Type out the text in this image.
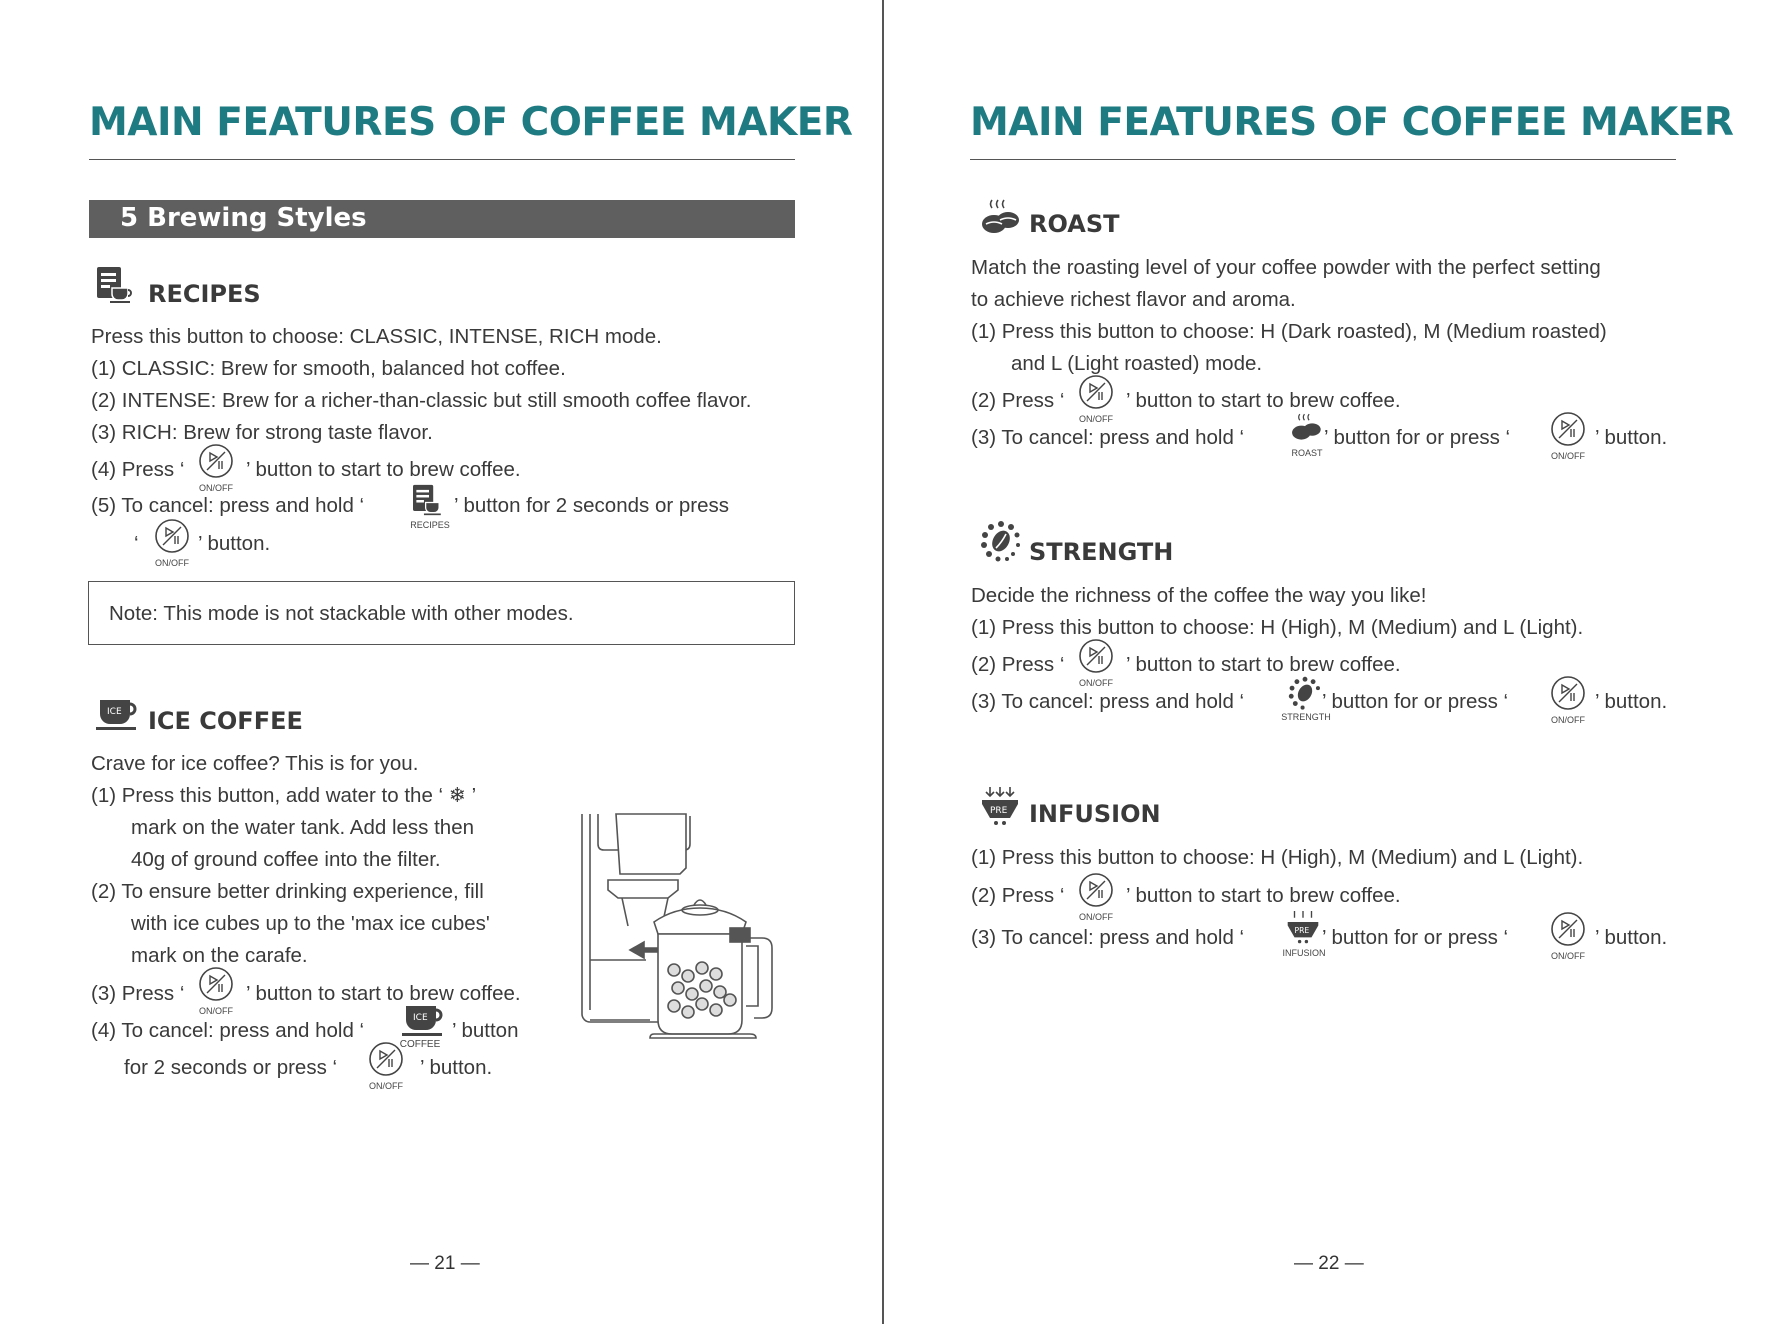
MAIN FEATURES OF COFFEE MAKER
5 Brewing Styles
RECIPES
Press this button to choose: CLASSIC, INTENSE, RICH mode.
(1) CLASSIC: Brew for smooth, balanced hot coffee.
(2) INTENSE: Brew for a richer-than-classic but still smooth coffee flavor.
(3) RICH: Brew for strong taste flavor.
(4) Press ‘
ON/OFF
’ button to start to brew coffee.
(5) To cancel: press and hold ‘
RECIPES
’ button for 2 seconds or press
‘
ON/OFF
’ button.
Note: This mode is not stackable with other modes.
ICE ICE COFFEE
Crave for ice coffee? This is for you.
(1) Press this button, add water to the ‘ ❄ ’
mark on the water tank. Add less then
40g of ground coffee into the filter.
(2) To ensure better drinking experience, fill
with ice cubes up to the 'max ice cubes'
mark on the carafe.
(3) Press ‘
ON/OFF
’ button to start to brew coffee.
(4) To cancel: press and hold ‘
ICE
COFFEE
’ button
for 2 seconds or press ‘
ON/OFF
’ button.
— 21 —
MAIN FEATURES OF COFFEE MAKER
ROAST
Match the roasting level of your coffee powder with the perfect setting
to achieve richest flavor and aroma.
(1) Press this button to choose: H (Dark roasted), M (Medium roasted)
and L (Light roasted) mode.
(2) Press ‘
ON/OFF
’ button to start to brew coffee.
(3) To cancel: press and hold ‘
ROAST
’ button for or press ‘
ON/OFF
’ button.
STRENGTH
Decide the richness of the coffee the way you like!
(1) Press this button to choose: H (High), M (Medium) and L (Light).
(2) Press ‘
ON/OFF
’ button to start to brew coffee.
(3) To cancel: press and hold ‘
STRENGTH
’ button for or press ‘
ON/OFF
’ button.
PRE INFUSION
(1) Press this button to choose: H (High), M (Medium) and L (Light).
(2) Press ‘
ON/OFF
’ button to start to brew coffee.
(3) To cancel: press and hold ‘	PRE
INFUSION
’ button for or press ‘
ON/OFF
’ button.
— 22 —
